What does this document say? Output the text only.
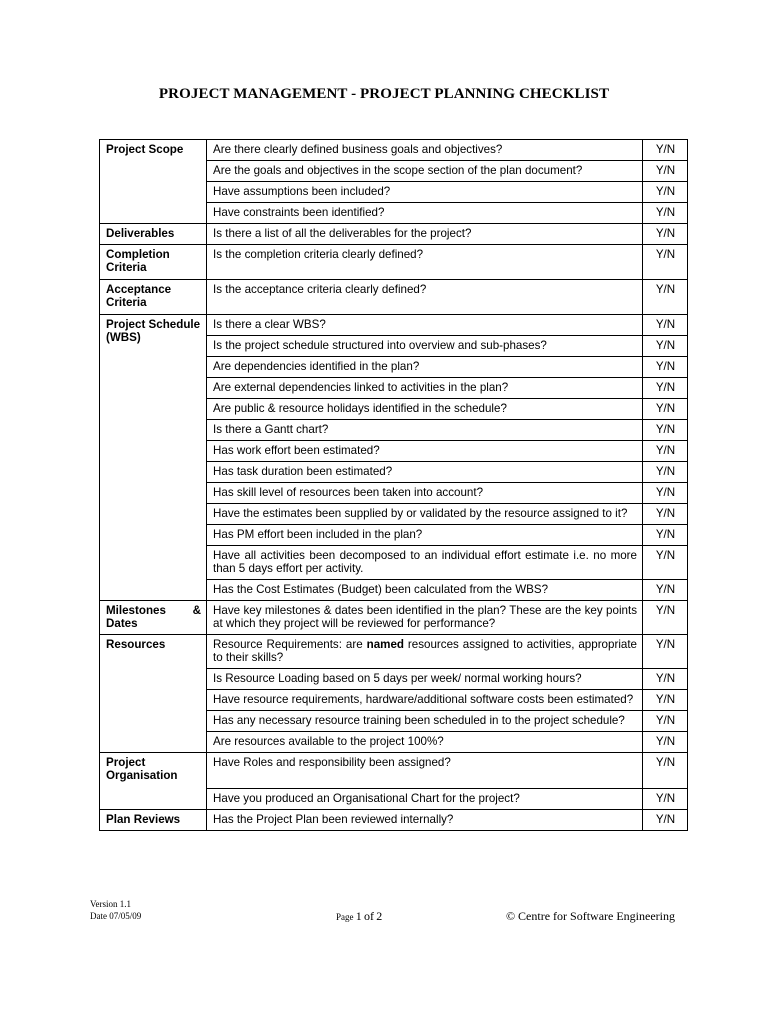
PROJECT MANAGEMENT - PROJECT PLANNING CHECKLIST
Project Scope	Are there clearly defined business goals and objectives?	Y/N
	Are the goals and objectives in the scope section of the plan document?	Y/N
	Have assumptions been included?	Y/N
	Have constraints been identified?	Y/N
Deliverables	Is there a list of all the deliverables for the project?	Y/N
Completion Criteria	Is the completion criteria clearly defined?	Y/N
Acceptance Criteria	Is the acceptance criteria clearly defined?	Y/N
Project Schedule (WBS)	Is there a clear WBS?	Y/N
	Is the project schedule structured into overview and sub-phases?	Y/N
	Are dependencies identified in the plan?	Y/N
	Are external dependencies linked to activities in the plan?	Y/N
	Are public & resource holidays identified in the schedule?	Y/N
	Is there a Gantt chart?	Y/N
	Has work effort been estimated?	Y/N
	Has task duration been estimated?	Y/N
	Has skill level of resources been taken into account?	Y/N
	Have the estimates been supplied by or validated by the resource assigned to it?	Y/N
	Has PM effort been included in the plan?	Y/N
	Have all activities been decomposed to an individual effort estimate i.e. no more than 5 days effort per activity.	Y/N
	Has the Cost Estimates (Budget) been calculated from the WBS?	Y/N
Milestones & Dates	Have key milestones & dates been identified in the plan? These are the key points at which they project will be reviewed for performance?	Y/N
Resources	Resource Requirements: are named resources assigned to activities, appropriate to their skills?	Y/N
	Is Resource Loading based on 5 days per week/ normal working hours?	Y/N
	Have resource requirements, hardware/additional software costs been estimated?	Y/N
	Has any necessary resource training been scheduled in to the project schedule?	Y/N
	Are resources available to the project 100%?	Y/N
Project Organisation	Have Roles and responsibility been assigned?	Y/N
	Have you produced an Organisational Chart for the project?	Y/N
Plan Reviews	Has the Project Plan been reviewed internally?	Y/N
Version 1.1
Date 07/05/09	Page 1 of 2	© Centre for Software Engineering
